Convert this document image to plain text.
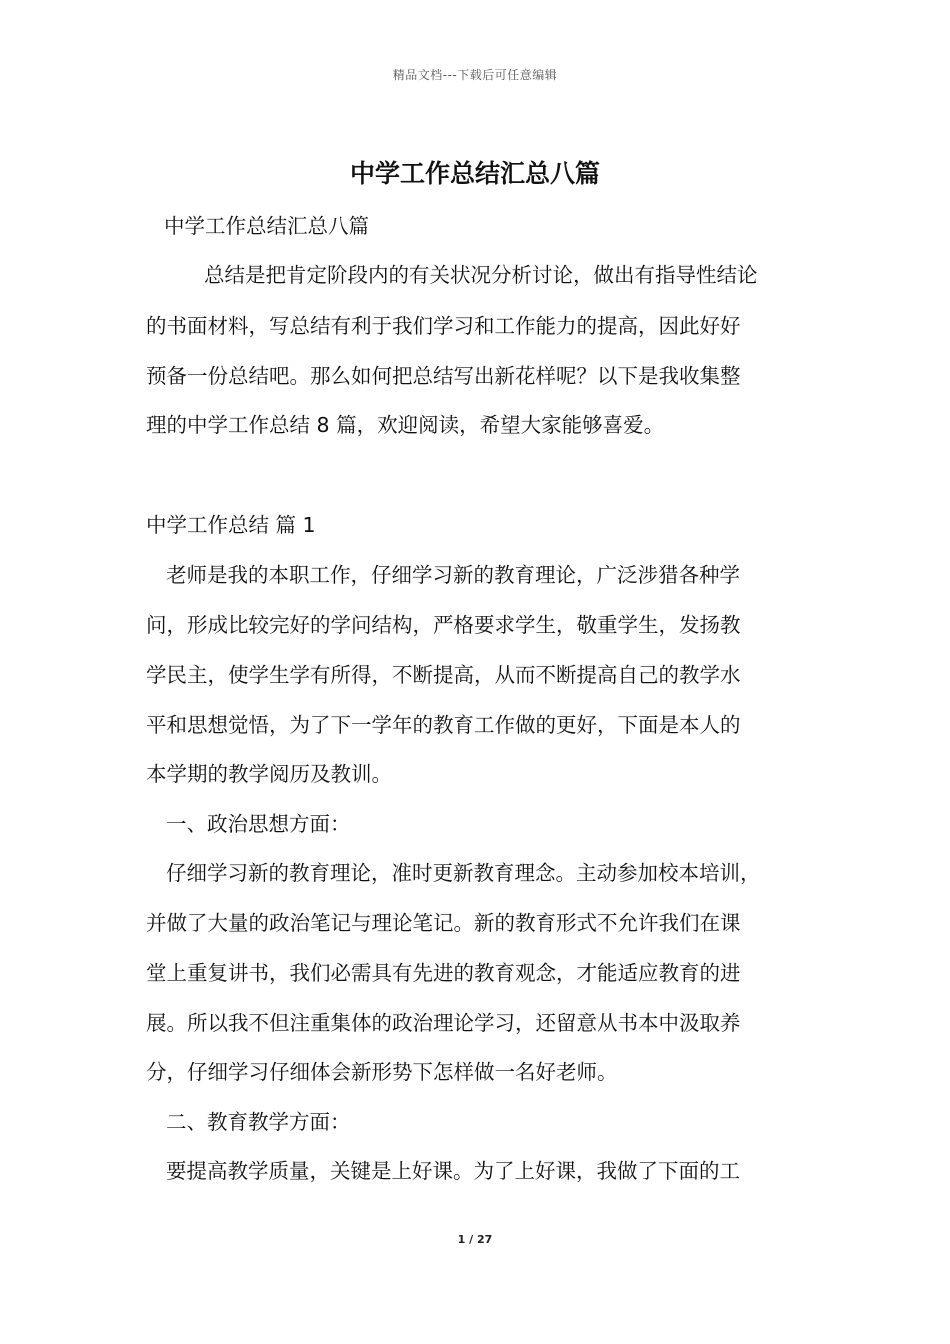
精品文档---下载后可任意编辑
中学工作总结汇总八篇
中学工作总结汇总八篇
总结是把肯定阶段内的有关状况分析讨论，做出有指导性结论
的书面材料，写总结有利于我们学习和工作能力的提高，因此好好
预备一份总结吧。那么如何把总结写出新花样呢？以下是我收集整
理的中学工作总结 8 篇，欢迎阅读，希望大家能够喜爱。
中学工作总结 篇 1
老师是我的本职工作，仔细学习新的教育理论，广泛涉猎各种学
问，形成比较完好的学问结构，严格要求学生，敬重学生，发扬教
学民主，使学生学有所得，不断提高，从而不断提高自己的教学水
平和思想觉悟，为了下一学年的教育工作做的更好，下面是本人的
本学期的教学阅历及教训。
一、政治思想方面：
仔细学习新的教育理论，准时更新教育理念。主动参加校本培训，
并做了大量的政治笔记与理论笔记。新的教育形式不允许我们在课
堂上重复讲书，我们必需具有先进的教育观念，才能适应教育的进
展。所以我不但注重集体的政治理论学习，还留意从书本中汲取养
分，仔细学习仔细体会新形势下怎样做一名好老师。
二、教育教学方面：
要提高教学质量，关键是上好课。为了上好课，我做了下面的工
1 / 27
